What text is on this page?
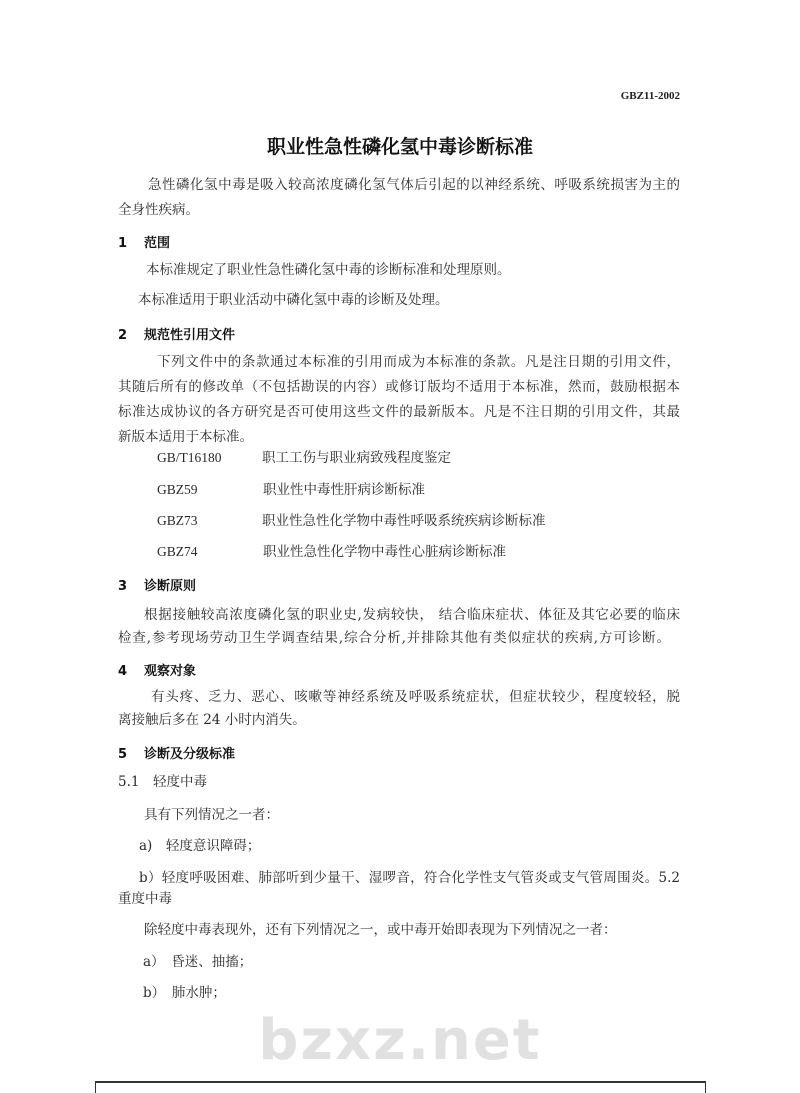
GBZ11-2002
职业性急性磷化氢中毒诊断标准
急性磷化氢中毒是吸入较高浓度磷化氢气体后引起的以神经系统、呼吸系统损害为主的
全身性疾病。
1 范围
本标准规定了职业性急性磷化氢中毒的诊断标准和处理原则。
本标准适用于职业活动中磷化氢中毒的诊断及处理。
2 规范性引用文件
下列文件中的条款通过本标准的引用而成为本标准的条款。凡是注日期的引用文件，
其随后所有的修改单（不包括勘误的内容）或修订版均不适用于本标准，然而，鼓励根据本
标准达成协议的各方研究是否可使用这些文件的最新版本。凡是不注日期的引用文件，其最
新版本适用于本标准。
GB/T16180	职工工伤与职业病致残程度鉴定
GBZ59	职业性中毒性肝病诊断标准
GBZ73	职业性急性化学物中毒性呼吸系统疾病诊断标准
GBZ74	职业性急性化学物中毒性心脏病诊断标准
3 诊断原则
根据接触较高浓度磷化氢的职业史,发病较快， 结合临床症状、体征及其它必要的临床
检查,参考现场劳动卫生学调查结果,综合分析,并排除其他有类似症状的疾病,方可诊断。
4 观察对象
有头疼、乏力、恶心、咳嗽等神经系统及呼吸系统症状，但症状较少，程度较轻，脱
离接触后多在 24 小时内消失。
5 诊断及分级标准
5.1　轻度中毒
具有下列情况之一者：
a)　轻度意识障碍；
b）轻度呼吸困难、肺部听到少量干、湿啰音，符合化学性支气管炎或支气管周围炎。5.2
重度中毒
除轻度中毒表现外，还有下列情况之一，或中毒开始即表现为下列情况之一者：
a）　昏迷、抽搐；
b）　肺水肿；
bzxz.net
